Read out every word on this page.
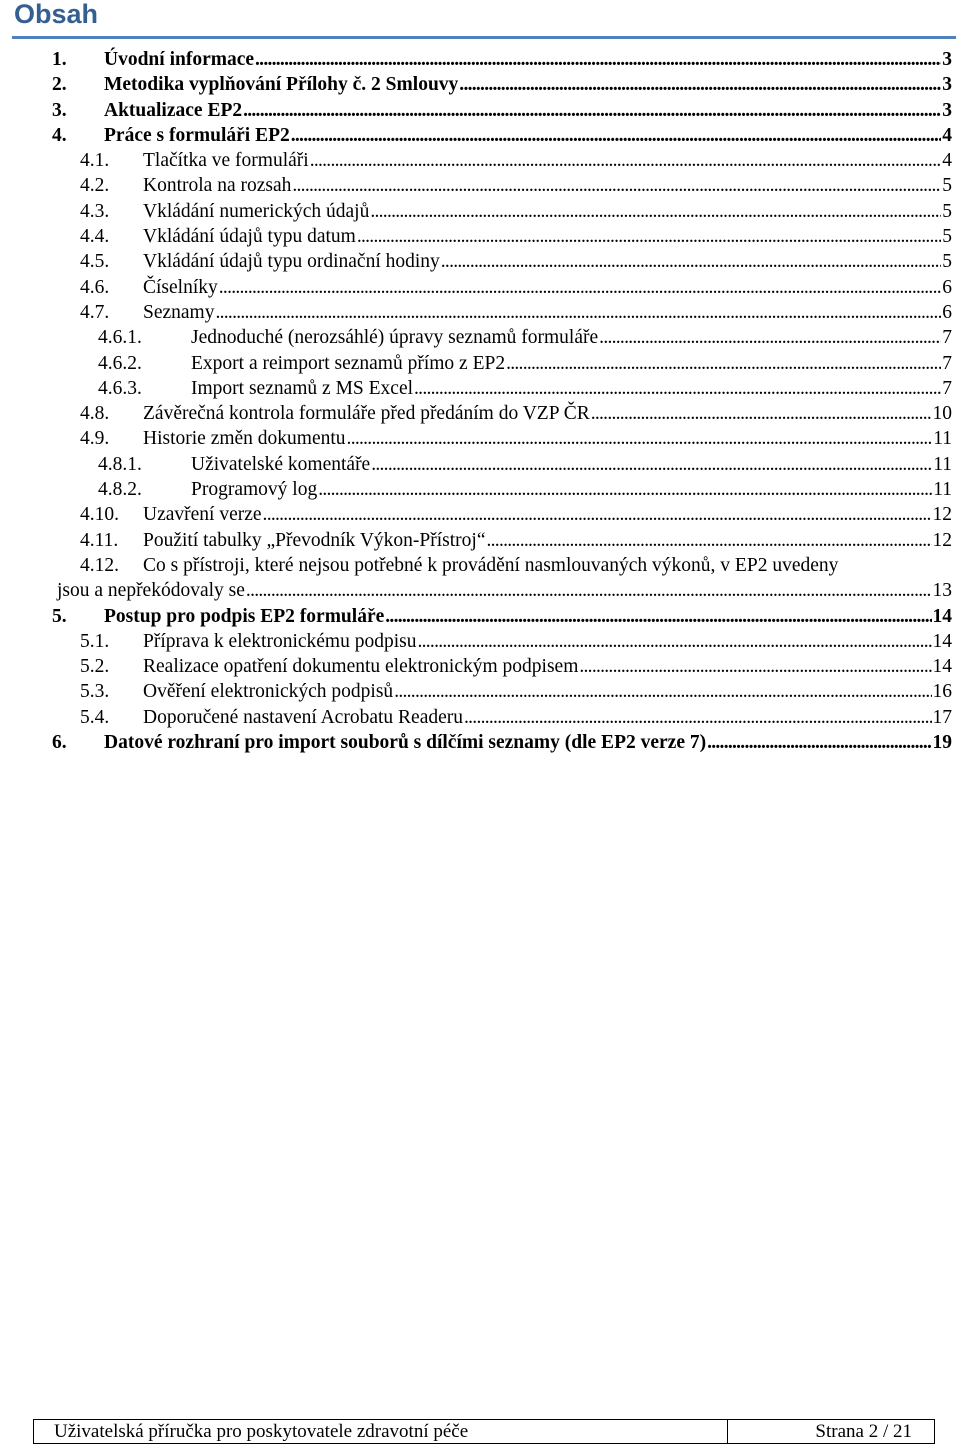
Obsah
1. Úvodní informace . . .	3
2. Metodika vyplňování Přílohy č. 2 Smlouvy . . .	3
3. Aktualizace EP2 . . .	3
4. Práce s formuláři EP2 . . .	4
4.1. Tlačítka ve formuláři . . .	4
4.2. Kontrola na rozsah . . .	5
4.3. Vkládání numerických údajů . . .	5
4.4. Vkládání údajů typu datum . . .	5
4.5. Vkládání údajů typu ordinační hodiny . . .	5
4.6. Číselníky . . .	6
4.7. Seznamy . . .	6
4.6.1.	Jednoduché (nerozsáhlé) úpravy seznamů formuláře . . .	7
4.6.2.	Export a reimport seznamů přímo z EP2 . . .	7
4.6.3.	Import seznamů z MS Excel . . .	7
4.8. Závěrečná kontrola formuláře před předáním do VZP ČR . . .	10
4.9. Historie změn dokumentu . . .	11
4.8.1.	Uživatelské komentáře . . .	11
4.8.2.	Programový log . . .	11
4.10. Uzavření verze . . .	12
4.11. Použití tabulky „Převodník Výkon-Přístroj“ . . .	12
4.12. Co s přístroji, které nejsou potřebné k provádění nasmlouvaných výkonů, v EP2 uvedeny
jsou a nepřekódovaly se . . .	13
5. Postup pro podpis EP2 formuláře . . .	14
5.1. Příprava k elektronickému podpisu . . .	14
5.2. Realizace opatření dokumentu elektronickým podpisem . . .	14
5.3. Ověření elektronických podpisů . . .	16
5.4. Doporučené nastavení Acrobatu Readeru . . .	17
6. Datové rozhraní pro import souborů s dílčími seznamy (dle EP2 verze 7) . . .	19
Uživatelská příručka pro poskytovatele zdravotní péče	Strana 2 / 21
